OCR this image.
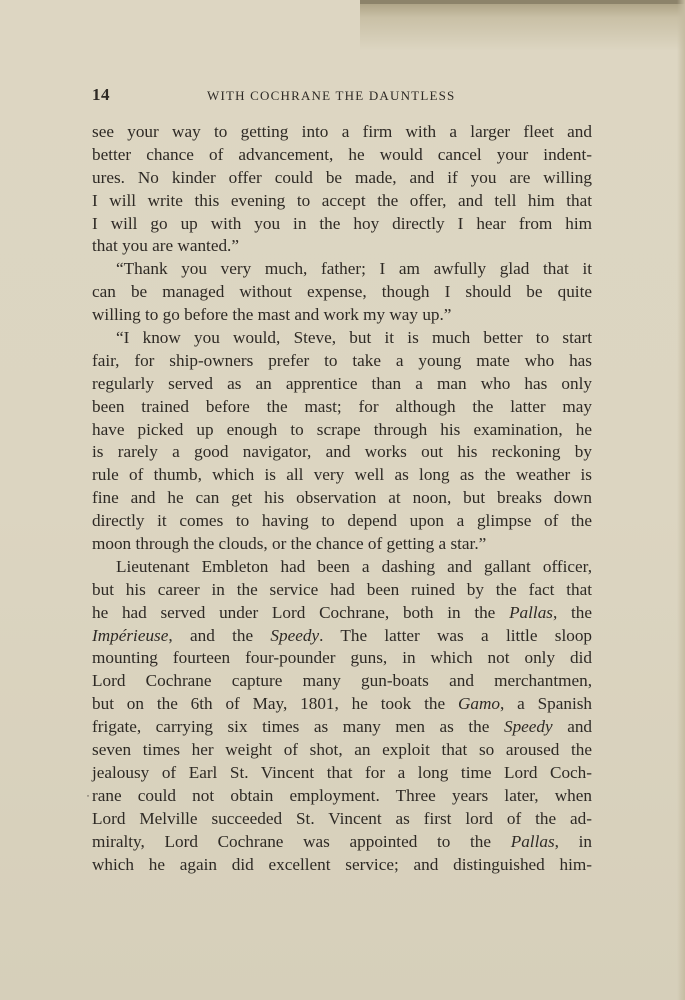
14	WITH COCHRANE THE DAUNTLESS
˙
see your way to getting into a firm with a larger fleet and
better chance of advancement, he would cancel your indent-
ures. No kinder offer could be made, and if you are willing
I will write this evening to accept the offer, and tell him that
I will go up with you in the hoy directly I hear from him
that you are wanted.”
“Thank you very much, father; I am awfully glad that it
can be managed without expense, though I should be quite
willing to go before the mast and work my way up.”
“I know you would, Steve, but it is much better to start
fair, for ship-owners prefer to take a young mate who has
regularly served as an apprentice than a man who has only
been trained before the mast; for although the latter may
have picked up enough to scrape through his examination, he
is rarely a good navigator, and works out his reckoning by
rule of thumb, which is all very well as long as the weather is
fine and he can get his observation at noon, but breaks down
directly it comes to having to depend upon a glimpse of the
moon through the clouds, or the chance of getting a star.”
Lieutenant Embleton had been a dashing and gallant officer,
but his career in the service had been ruined by the fact that
he had served under Lord Cochrane, both in the Pallas, the
Impérieuse, and the Speedy. The latter was a little sloop
mounting fourteen four-pounder guns, in which not only did
Lord Cochrane capture many gun-boats and merchantmen,
but on the 6th of May, 1801, he took the Gamo, a Spanish
frigate, carrying six times as many men as the Speedy and
seven times her weight of shot, an exploit that so aroused the
jealousy of Earl St. Vincent that for a long time Lord Coch-
rane could not obtain employment. Three years later, when
Lord Melville succeeded St. Vincent as first lord of the ad-
miralty, Lord Cochrane was appointed to the Pallas, in
which he again did excellent service; and distinguished him-
